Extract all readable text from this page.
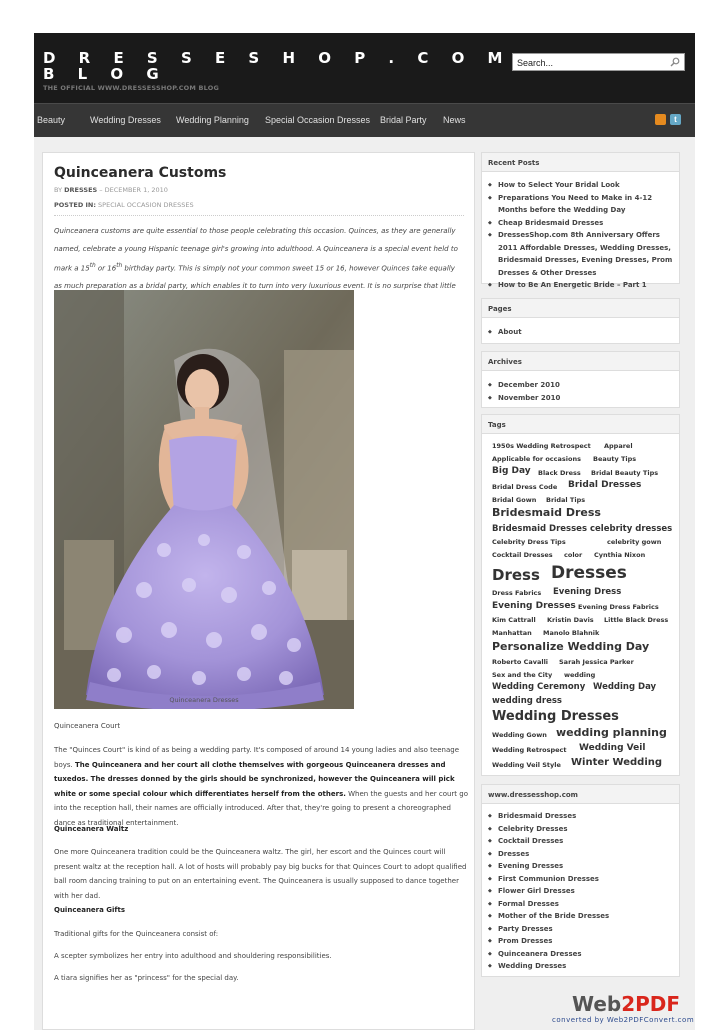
D R E S S E S H O P . C O M
B L O G
THE OFFICIAL WWW.DRESSESSHOP.COM BLOG
Search...
Beauty	Wedding Dresses Wedding Planning Special Occasion Dresses Bridal Party News	t
Quinceanera Customs
BY DRESSES – DECEMBER 1, 2010
POSTED IN: SPECIAL OCCASION DRESSES
Quinceanera customs are quite essential to those people celebrating this occasion. Quinces, as they are generally named, celebrate a young Hispanic teenage girl's growing into adulthood. A Quinceanera is a special event held to mark a 15th or 16th birthday party. This is simply not your common sweet 15 or 16, however Quinces take equally as much preparation as a bridal party, which enables it to turn into very luxurious event. It is no surprise that little
Quinceanera Dresses
Quinceanera Court
The "Quinces Court" is kind of as being a wedding party. It's composed of around 14 young ladies and also teenage boys. The Quinceanera and her court all clothe themselves with gorgeous Quinceanera dresses and tuxedos. The dresses donned by the girls should be synchronized, however the Quinceanera will pick white or some special colour which differentiates herself from the others. When the guests and her court go into the reception hall, their names are officially introduced. After that, they're going to present a choreographed dance as traditional entertainment.
Quinceanera Waltz
One more Quinceanera tradition could be the Quinceanera waltz. The girl, her escort and the Quinces court will present waltz at the reception hall. A lot of hosts will probably pay big bucks for that Quinces Court to adopt qualified ball room dancing training to put on an entertaining event. The Quinceanera is usually supposed to dance together with her dad.
Quinceanera Gifts
Traditional gifts for the Quinceanera consist of:
A scepter symbolizes her entry into adulthood and shouldering responsibilities.
A tiara signifies her as "princess" for the special day.
Recent Posts
◆ How to Select Your Bridal Look
◆ Preparations You Need to Make in 4-12 Months before the Wedding Day
◆ Cheap Bridesmaid Dresses
◆ DressesShop.com 8th Anniversary Offers 2011 Affordable Dresses, Wedding Dresses, Bridesmaid Dresses, Evening Dresses, Prom Dresses & Other Dresses
◆ How to Be An Energetic Bride – Part 1
Pages
◆ About
Archives
◆ December 2010
◆ November 2010
Tags
1950s Wedding Retrospect Apparel
Applicable for occasions Beauty Tips
Big Day Black Dress Bridal Beauty Tips
Bridal Dress Code Bridal Dresses
Bridal Gown Bridal Tips
Bridesmaid Dress
Bridesmaid Dresses celebrity dresses
Celebrity Dress Tips	celebrity gown
Cocktail Dresses color Cynthia Nixon
Dress Dresses
Dress Fabrics Evening Dress
Evening Dresses Evening Dress Fabrics
Kim Cattrall Kristin Davis Little Black Dress
Manhattan Manolo Blahnik
Personalize Wedding Day
Roberto Cavalli Sarah Jessica Parker
Sex and the City wedding
Wedding Ceremony Wedding Day
wedding dress
Wedding Dresses
Wedding Gown wedding planning
Wedding Retrospect Wedding Veil
Wedding Veil Style Winter Wedding
www.dressesshop.com
◆ Bridesmaid Dresses
◆ Celebrity Dresses
◆ Cocktail Dresses
◆ Dresses
◆ Evening Dresses
◆ First Communion Dresses
◆ Flower Girl Dresses
◆ Formal Dresses
◆ Mother of the Bride Dresses
◆ Party Dresses
◆ Prom Dresses
◆ Quinceanera Dresses
◆ Wedding Dresses
Web2PDF
converted by Web2PDFConvert.com
